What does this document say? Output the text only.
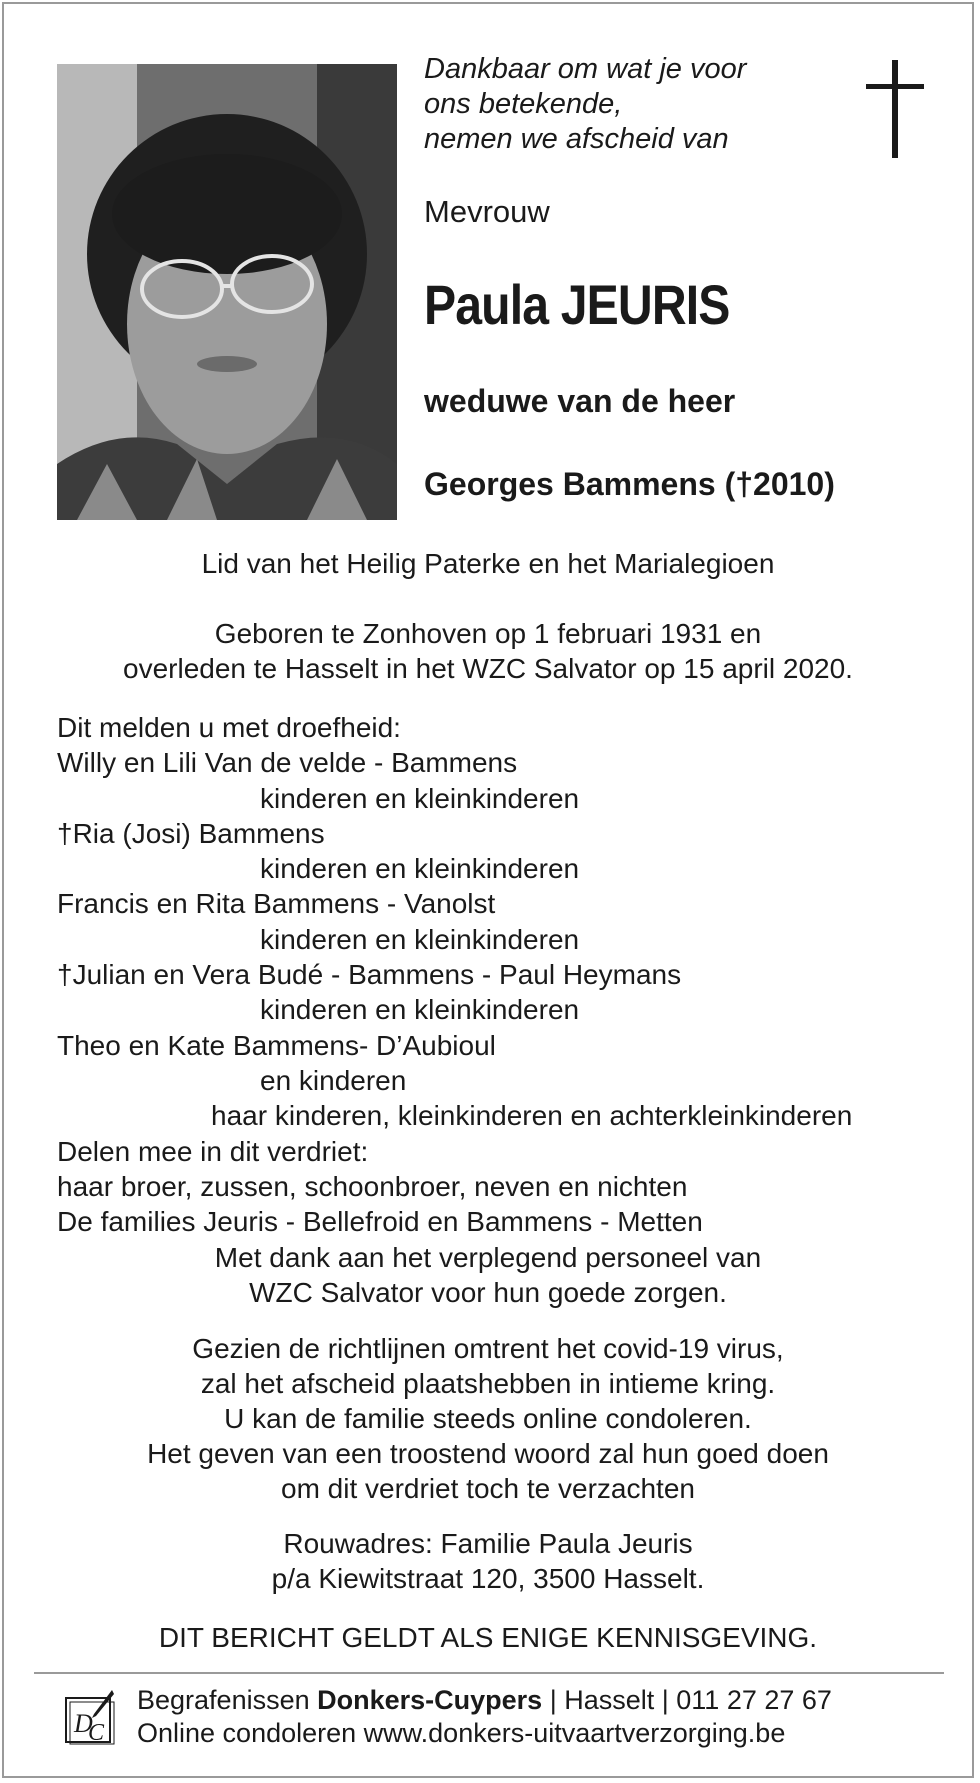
Dankbaar om wat je voor
ons betekende,
nemen we afscheid van
Mevrouw
Paula JEURIS
weduwe van de heer
Georges Bammens (†2010)
Lid van het Heilig Paterke en het Marialegioen
Geboren te Zonhoven op 1 februari 1931 en
overleden te Hasselt in het WZC Salvator op 15 april 2020.
Dit melden u met droefheid:
Willy en Lili Van de velde - Bammens
kinderen en kleinkinderen
†Ria (Josi) Bammens
kinderen en kleinkinderen
Francis en Rita Bammens - Vanolst
kinderen en kleinkinderen
†Julian en Vera Budé - Bammens - Paul Heymans
kinderen en kleinkinderen
Theo en Kate Bammens- D’Aubioul
en kinderen
haar kinderen, kleinkinderen en achterkleinkinderen
Delen mee in dit verdriet:
haar broer, zussen, schoonbroer, neven en nichten
De families Jeuris - Bellefroid en Bammens - Metten
Met dank aan het verplegend personeel van
WZC Salvator voor hun goede zorgen.
Gezien de richtlijnen omtrent het covid-19 virus,
zal het afscheid plaatshebben in intieme kring.
U kan de familie steeds online condoleren.
Het geven van een troostend woord zal hun goed doen
om dit verdriet toch te verzachten
Rouwadres: Familie Paula Jeuris
p/a Kiewitstraat 120, 3500 Hasselt.
DIT BERICHT GELDT ALS ENIGE KENNISGEVING.
D
C
Begrafenissen Donkers-Cuypers | Hasselt | 011 27 27 67
Online condoleren www.donkers-uitvaartverzorging.be
